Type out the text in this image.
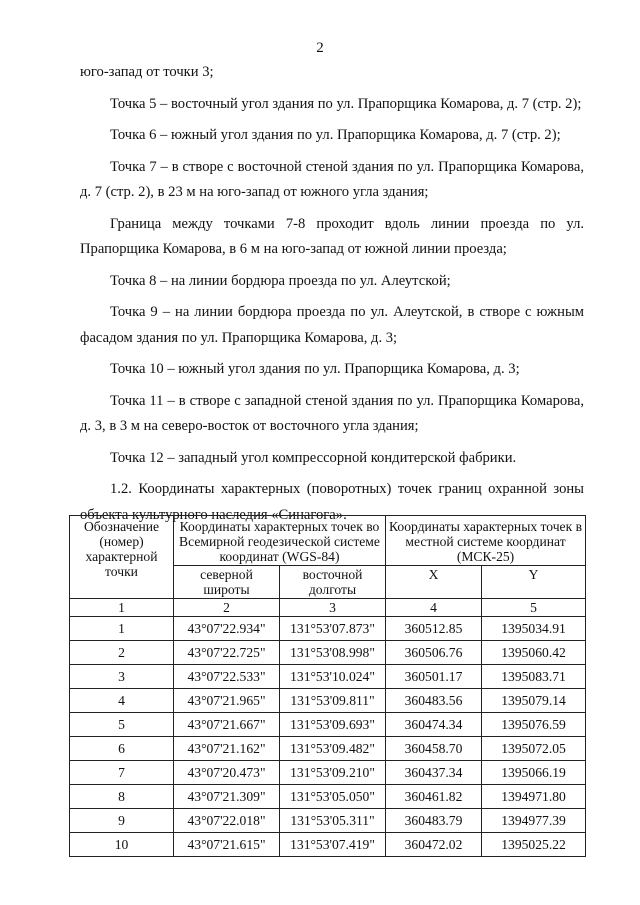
2

юго-запад от точки 3;

Точка 5 – восточный угол здания по ул. Прапорщика Комарова, д. 7 (стр. 2);

Точка 6 – южный угол здания по ул. Прапорщика Комарова, д. 7 (стр. 2);

Точка 7 – в створе с восточной стеной здания по ул. Прапорщика Комарова, д. 7 (стр. 2), в 23 м на юго-запад от южного угла здания;

Граница между точками 7-8 проходит вдоль линии проезда по ул. Прапорщика Комарова, в 6 м на юго-запад от южной линии проезда;

Точка 8 – на линии бордюра проезда по ул. Алеутской;

Точка 9 – на линии бордюра проезда по ул. Алеутской, в створе с южным фасадом здания по ул. Прапорщика Комарова, д. 3;

Точка 10 – южный угол здания по ул. Прапорщика Комарова, д. 3;

Точка 11 – в створе с западной стеной здания по ул. Прапорщика Комарова, д. 3, в 3 м на северо-восток от восточного угла здания;

Точка 12 – западный угол компрессорной кондитерской фабрики.

1.2. Координаты характерных (поворотных) точек границ охранной зоны объекта культурного наследия «Синагога».

Обозначение (номер) характерной точки	Координаты характерных точек во Всемирной геодезической системе координат (WGS-84)		Координаты характерных точек в местной системе координат (МСК-25)	
	северной широты	восточной долготы	X	Y
1	2	3	4	5
1	43°07'22.934"	131°53'07.873"	360512.85	1395034.91
2	43°07'22.725"	131°53'08.998"	360506.76	1395060.42
3	43°07'22.533"	131°53'10.024"	360501.17	1395083.71
4	43°07'21.965"	131°53'09.811"	360483.56	1395079.14
5	43°07'21.667"	131°53'09.693"	360474.34	1395076.59
6	43°07'21.162"	131°53'09.482"	360458.70	1395072.05
7	43°07'20.473"	131°53'09.210"	360437.34	1395066.19
8	43°07'21.309"	131°53'05.050"	360461.82	1394971.80
9	43°07'22.018"	131°53'05.311"	360483.79	1394977.39
10	43°07'21.615"	131°53'07.419"	360472.02	1395025.22
